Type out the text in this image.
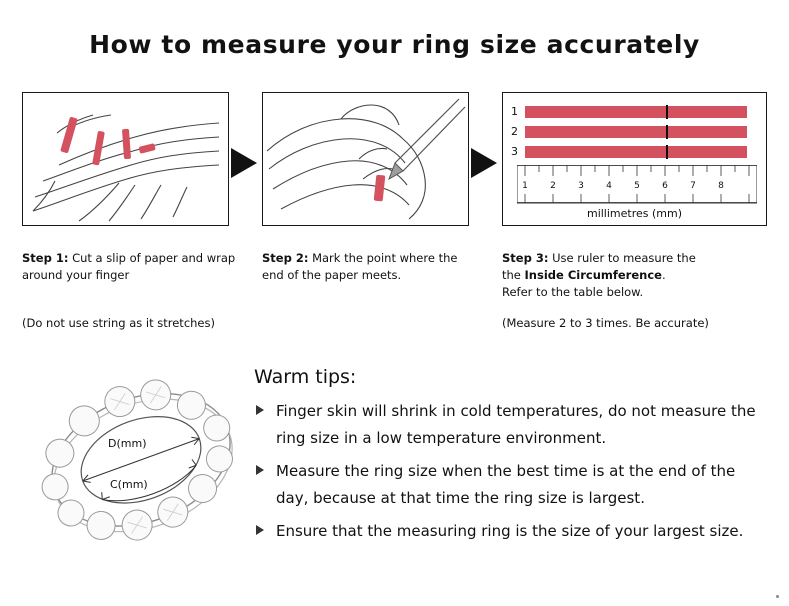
How to measure your ring size accurately
1
2
3
1 2 3 4 5 6 7 8
millimetres (mm)
Step 1: Cut a slip of paper and wrap around your finger
Step 2: Mark the point where the end of the paper meets.
Step 3: Use ruler to measure the
the Inside Circumference.
Refer to the table below.
(Do not use string as it stretches)	(Measure 2 to 3 times. Be accurate)
D(mm)
C(mm)
Warm tips:
Finger skin will shrink in cold temperatures, do not measure the ring size in a low temperature environment.
Measure the ring size when the best time is at the end of the day, because at that time the ring size is largest.
Ensure that the measuring ring is the size of your largest size.
